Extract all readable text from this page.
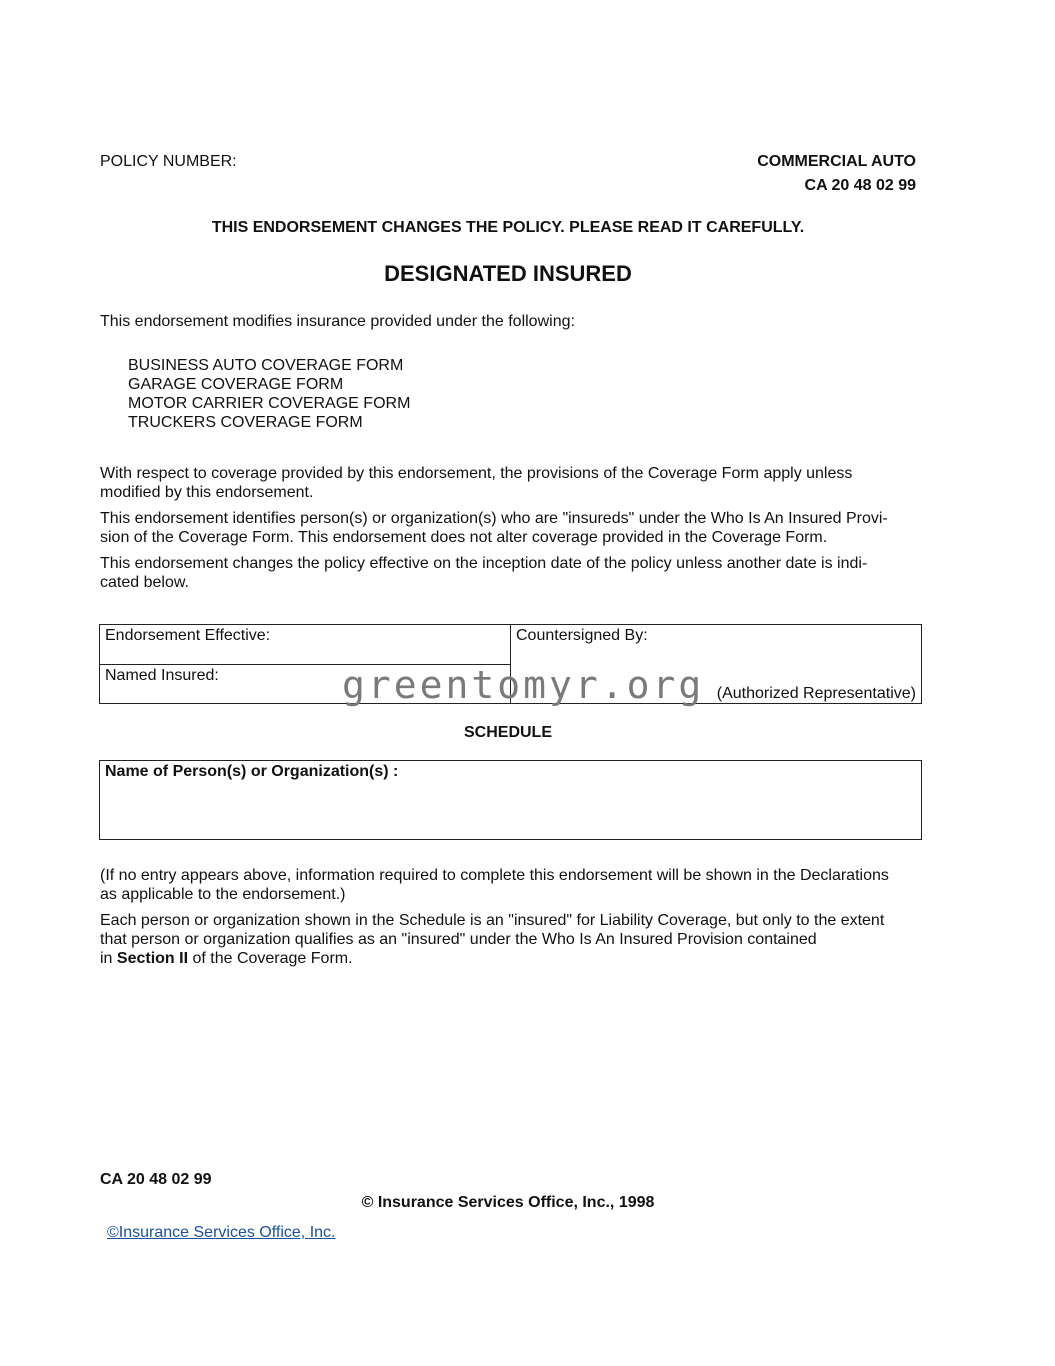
POLICY NUMBER:	COMMERCIAL AUTO
CA 20 48 02 99
THIS ENDORSEMENT CHANGES THE POLICY. PLEASE READ IT CAREFULLY.
DESIGNATED INSURED
This endorsement modifies insurance provided under the following:
BUSINESS AUTO COVERAGE FORM
GARAGE COVERAGE FORM
MOTOR CARRIER COVERAGE FORM
TRUCKERS COVERAGE FORM
With respect to coverage provided by this endorsement, the provisions of the Coverage Form apply unless
modified by this endorsement.
This endorsement identifies person(s) or organization(s) who are "insureds" under the Who Is An Insured Provi-
sion of the Coverage Form. This endorsement does not alter coverage provided in the Coverage Form.
This endorsement changes the policy effective on the inception date of the policy unless another date is indi-
cated below.
Endorsement Effective:
Named Insured:
Countersigned By:
(Authorized Representative)
greentomyr.org
SCHEDULE
Name of Person(s) or Organization(s) :
(If no entry appears above, information required to complete this endorsement will be shown in the Declarations
as applicable to the endorsement.)
Each person or organization shown in the Schedule is an "insured" for Liability Coverage, but only to the extent
that person or organization qualifies as an "insured" under the Who Is An Insured Provision contained
in Section II of the Coverage Form.
CA 20 48 02 99
© Insurance Services Office, Inc., 1998
©Insurance Services Office, Inc.
